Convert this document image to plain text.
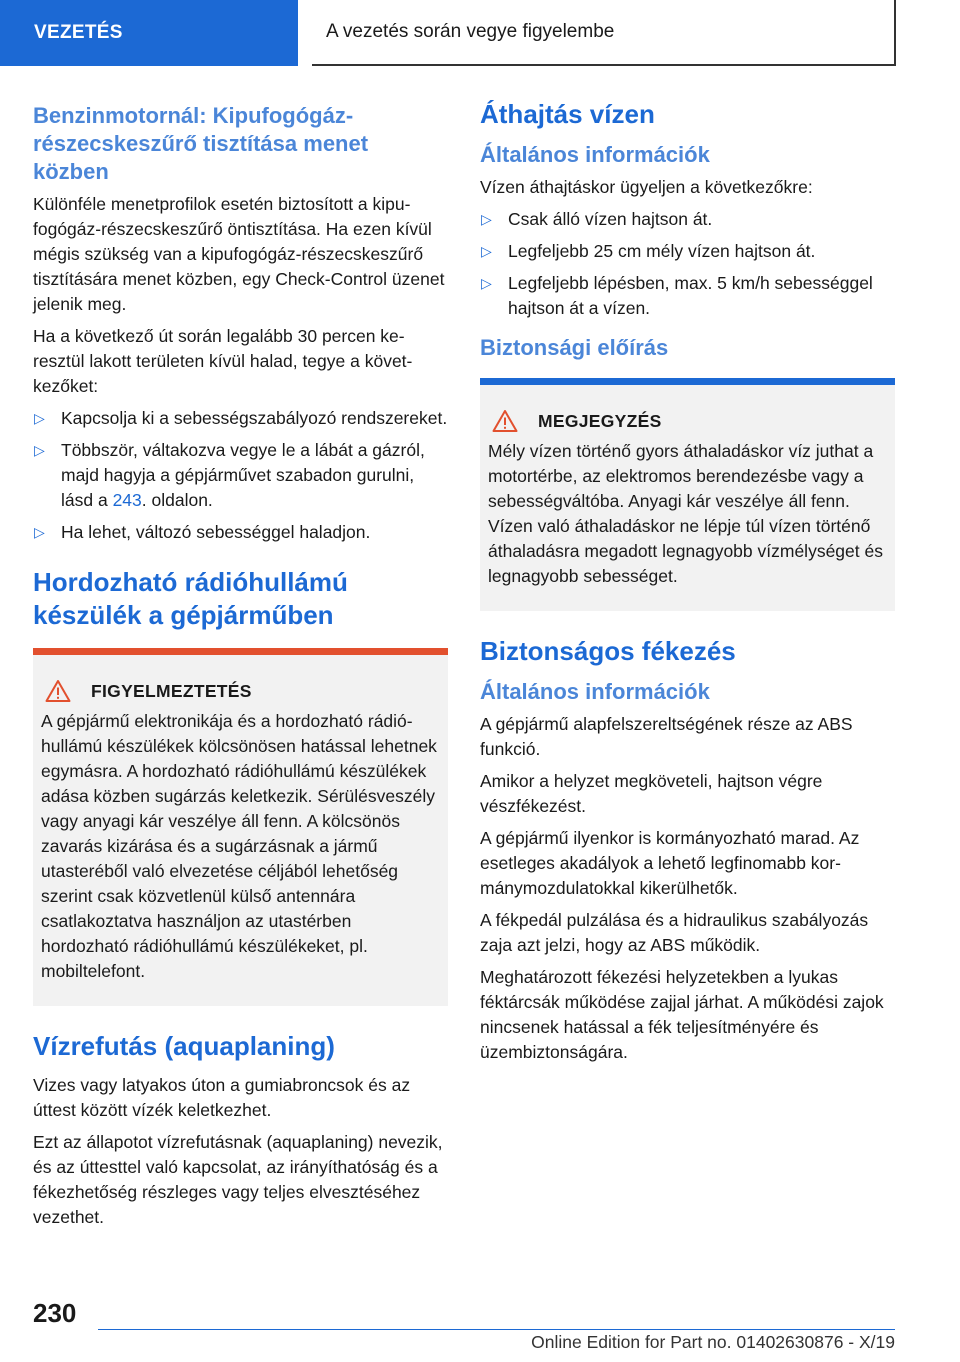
VEZETÉS	A vezetés során vegye figyelembe
Benzinmotornál: Kipufogógáz-részecskeszűrő tisztítása menet közben

Különféle menetprofilok esetén biztosított a kipufogógáz-részecskeszűrő öntisztítása. Ha ezen kívül mégis szükség van a kipufogógáz-részecskeszűrő tisztítására menet közben, egy Check-Control üzenet jelenik meg.

Ha a következő út során legalább 30 percen keresztül lakott területen kívül halad, tegye a következőket:

▷ Kapcsolja ki a sebességszabályozó rendszereket.
▷ Többször, váltakozva vegye le a lábát a gázról, majd hagyja a gépjárművet szabadon gurulni, lásd a 243. oldalon.
▷ Ha lehet, változó sebességgel haladjon.
Hordozható rádióhullámú készülék a gépjárműben
FIGYELMEZTETÉS

A gépjármű elektronikája és a hordozható rádióhullámú készülékek kölcsönösen hatással lehetnek egymásra. A hordozható rádióhullámú készülékek adása közben sugárzás keletkezik. Sérülésveszély vagy anyagi kár veszélye áll fenn. A kölcsönös zavarás kizárása és a sugárzásnak a jármű utasteréből való elvezetése céljából lehetőség szerint csak közvetlenül külső antennára csatlakoztatva használjon az utastérben hordozható rádióhullámú készülékeket, pl. mobiltelefont.

Vízrefutás (aquaplaning)

Vizes vagy latyakos úton a gumiabroncsok és az úttest között vízék keletkezhet.

Ezt az állapotot vízrefutásnak (aquaplaning) nevezik, és az úttesttel való kapcsolat, az irányíthatóság és a fékezhetőség részleges vagy teljes elvesztéséhez vezethet.

Áthajtás vízen
Általános információk

Vízen áthajtáskor ügyeljen a következőkre:

▷ Csak álló vízen hajtson át.
▷ Legfeljebb 25 cm mély vízen hajtson át.
▷ Legfeljebb lépésben, max. 5 km/h sebességgel hajtson át a vízen.
Biztonsági előírás
MEGJEGYZÉS

Mély vízen történő gyors áthaladáskor víz juthat a motortérbe, az elektromos berendezésbe vagy a sebességváltóba. Anyagi kár veszélye áll fenn. Vízen való áthaladáskor ne lépje túl vízen történő áthaladásra megadott legnagyobb vízmélységet és legnagyobb sebességet.

Biztonságos fékezés
Általános információk

A gépjármű alapfelszereltségének része az ABS funkció.

Amikor a helyzet megköveteli, hajtson végre vészfékezést.

A gépjármű ilyenkor is kormányozható marad. Az esetleges akadályok a lehető legfinomabb kormánymozdulatokkal kikerülhetők.

A fékpedál pulzálása és a hidraulikus szabályozás zaja azt jelzi, hogy az ABS működik.

Meghatározott fékezési helyzetekben a lyukas féktárcsák működése zajjal járhat. A működési zajok nincsenek hatással a fék teljesítményére és üzembiztonságára.

230
Online Edition for Part no. 01402630876 - X/19
